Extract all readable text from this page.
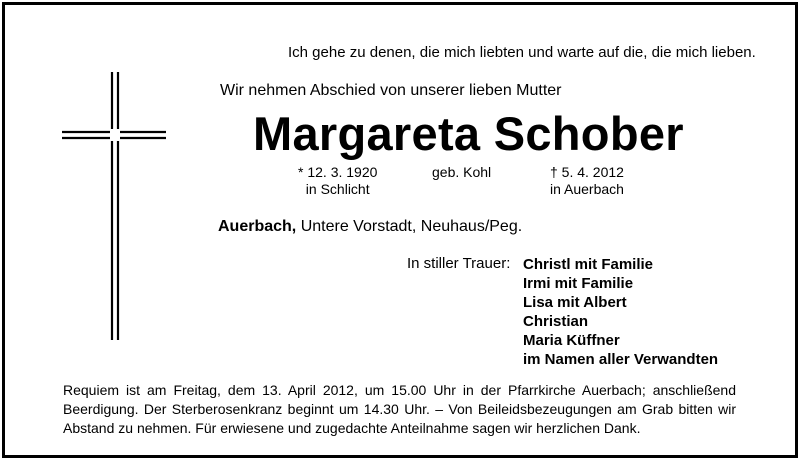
Ich gehe zu denen, die mich liebten und warte auf die, die mich lieben.
Wir nehmen Abschied von unserer lieben Mutter
Margareta Schober
* 12. 3. 1920
in Schlicht
geb. Kohl	† 5. 4. 2012
in Auerbach
Auerbach, Untere Vorstadt, Neuhaus/Peg.
In stiller Trauer: Christl mit Familie
Irmi mit Familie
Lisa mit Albert
Christian
Maria Küffner
im Namen aller Verwandten
Requiem ist am Freitag, dem 13. April 2012, um 15.00 Uhr in der Pfarrkirche Auerbach; anschließend Beerdigung. Der Sterberosenkranz beginnt um 14.30 Uhr. – Von Beileidsbezeugungen am Grab bitten wir Abstand zu nehmen. Für erwiesene und zugedachte Anteilnahme sagen wir herzlichen Dank.
